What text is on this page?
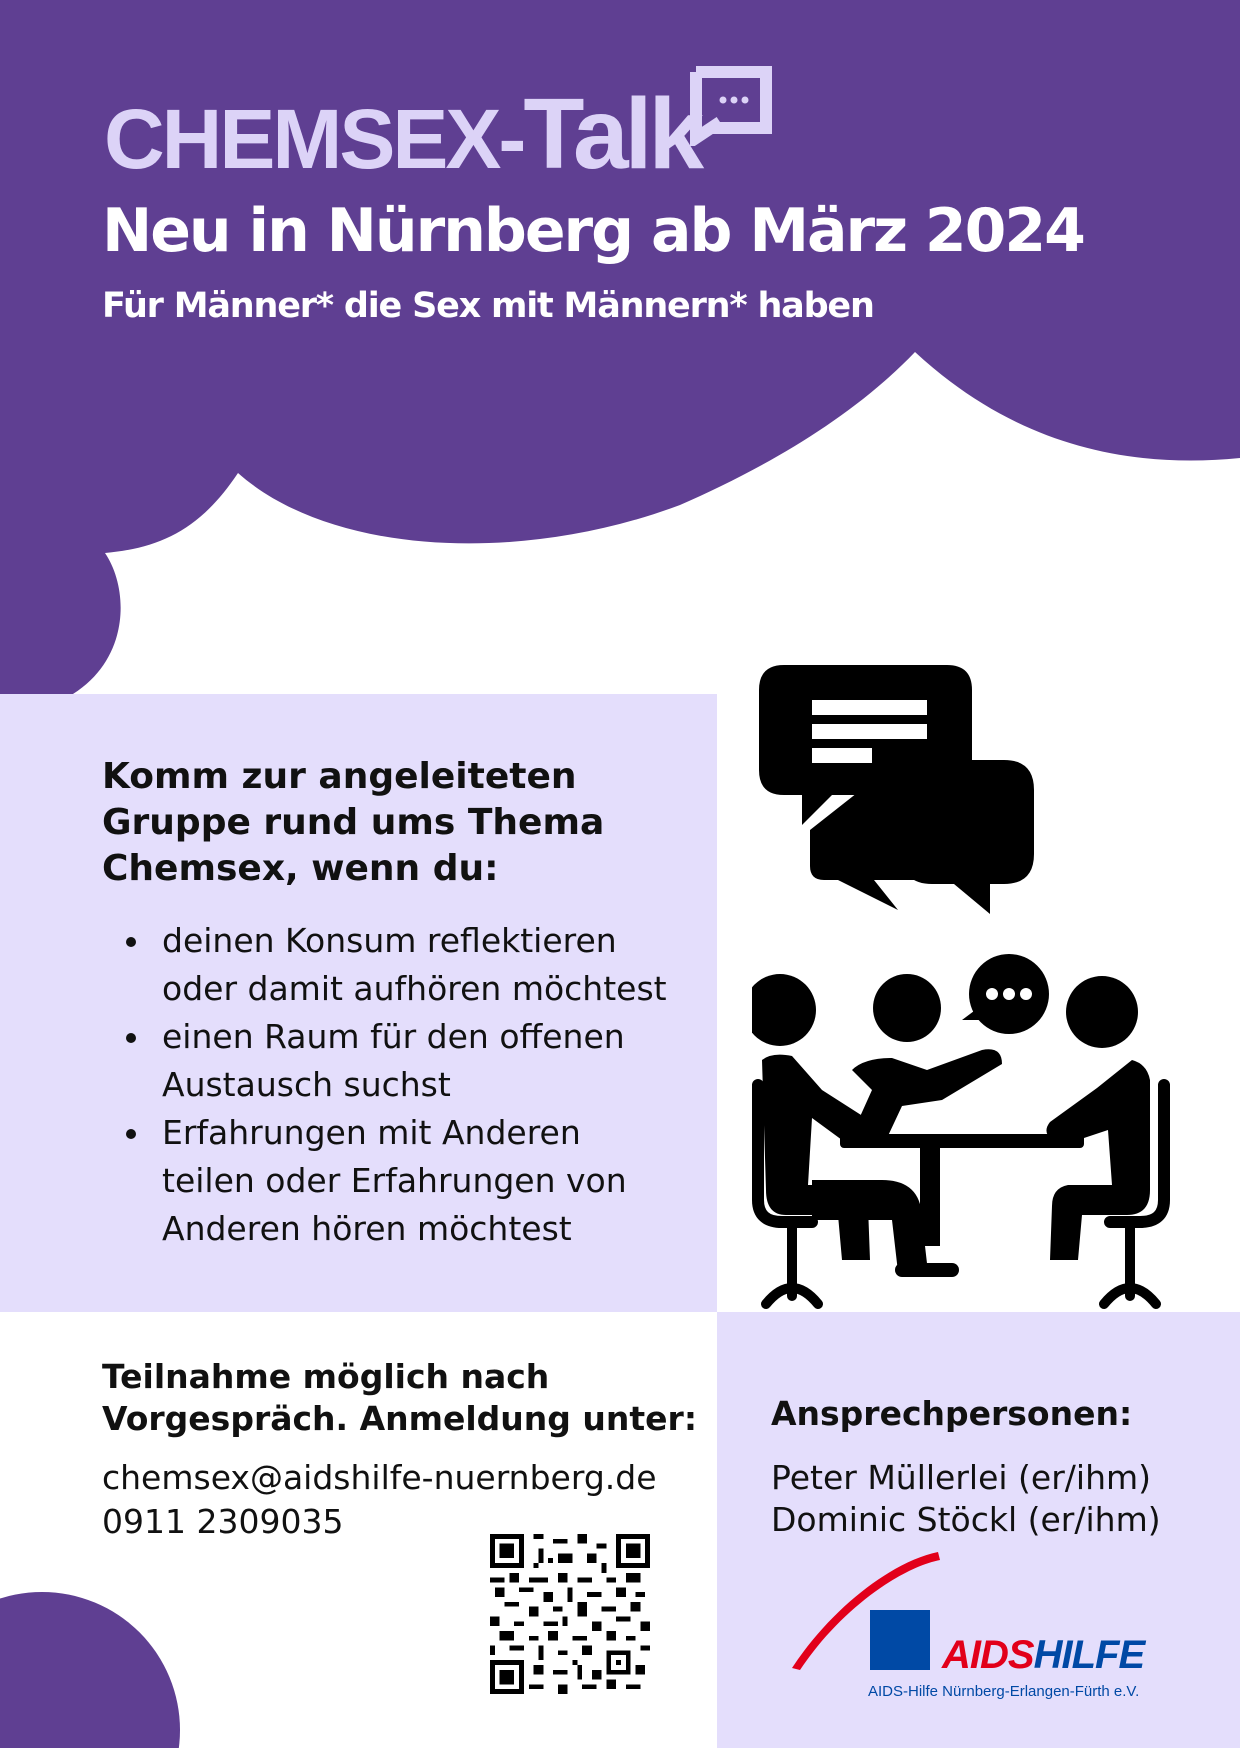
CHEMSEX-Talk
Neu in Nürnberg ab März 2024
Für Männer* die Sex mit Männern* haben
Komm zur angeleiteten
Gruppe rund ums Thema
Chemsex, wenn du:
deinen Konsum reflektieren
oder damit aufhören möchtest
einen Raum für den offenen
Austausch suchst
Erfahrungen mit Anderen
teilen oder Erfahrungen von
Anderen hören möchtest
Teilnahme möglich nach
Vorgespräch. Anmeldung unter:

chemsex@aidshilfe-nuernberg.de

0911 2309035

Ansprechpersonen:

Peter Müllerlei (er/ihm)

Dominic Stöckl (er/ihm)

AIDSHILFE
AIDS-Hilfe Nürnberg-Erlangen-Fürth e.V.
